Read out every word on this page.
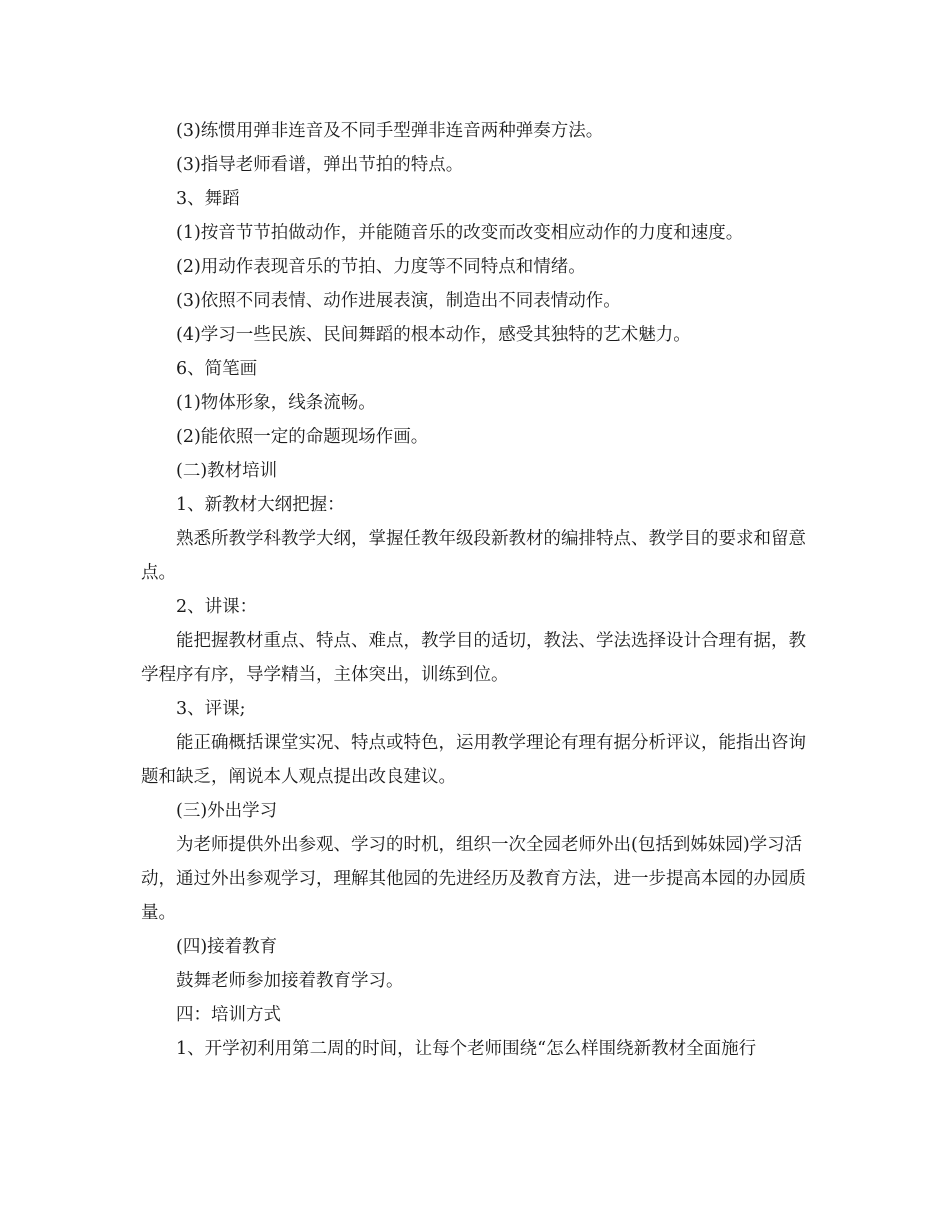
(3)练惯用弹非连音及不同手型弹非连音两种弹奏方法。

(3)指导老师看谱，弹出节拍的特点。

3、舞蹈

(1)按音节节拍做动作，并能随音乐的改变而改变相应动作的力度和速度。

(2)用动作表现音乐的节拍、力度等不同特点和情绪。

(3)依照不同表情、动作进展表演，制造出不同表情动作。

(4)学习一些民族、民间舞蹈的根本动作，感受其独特的艺术魅力。

6、简笔画

(1)物体形象，线条流畅。

(2)能依照一定的命题现场作画。

(二)教材培训

1、新教材大纲把握：

熟悉所教学科教学大纲，掌握任教年级段新教材的编排特点、教学目的要求和留意点。

2、讲课：

能把握教材重点、特点、难点，教学目的适切，教法、学法选择设计合理有据，教学程序有序，导学精当，主体突出，训练到位。

3、评课;

能正确概括课堂实况、特点或特色，运用教学理论有理有据分析评议，能指出咨询题和缺乏，阐说本人观点提出改良建议。

(三)外出学习

为老师提供外出参观、学习的时机，组织一次全园老师外出(包括到姊妹园)学习活动，通过外出参观学习，理解其他园的先进经历及教育方法，进一步提高本园的办园质量。

(四)接着教育

鼓舞老师参加接着教育学习。

四：培训方式

1、开学初利用第二周的时间，让每个老师围绕“怎么样围绕新教材全面施行
